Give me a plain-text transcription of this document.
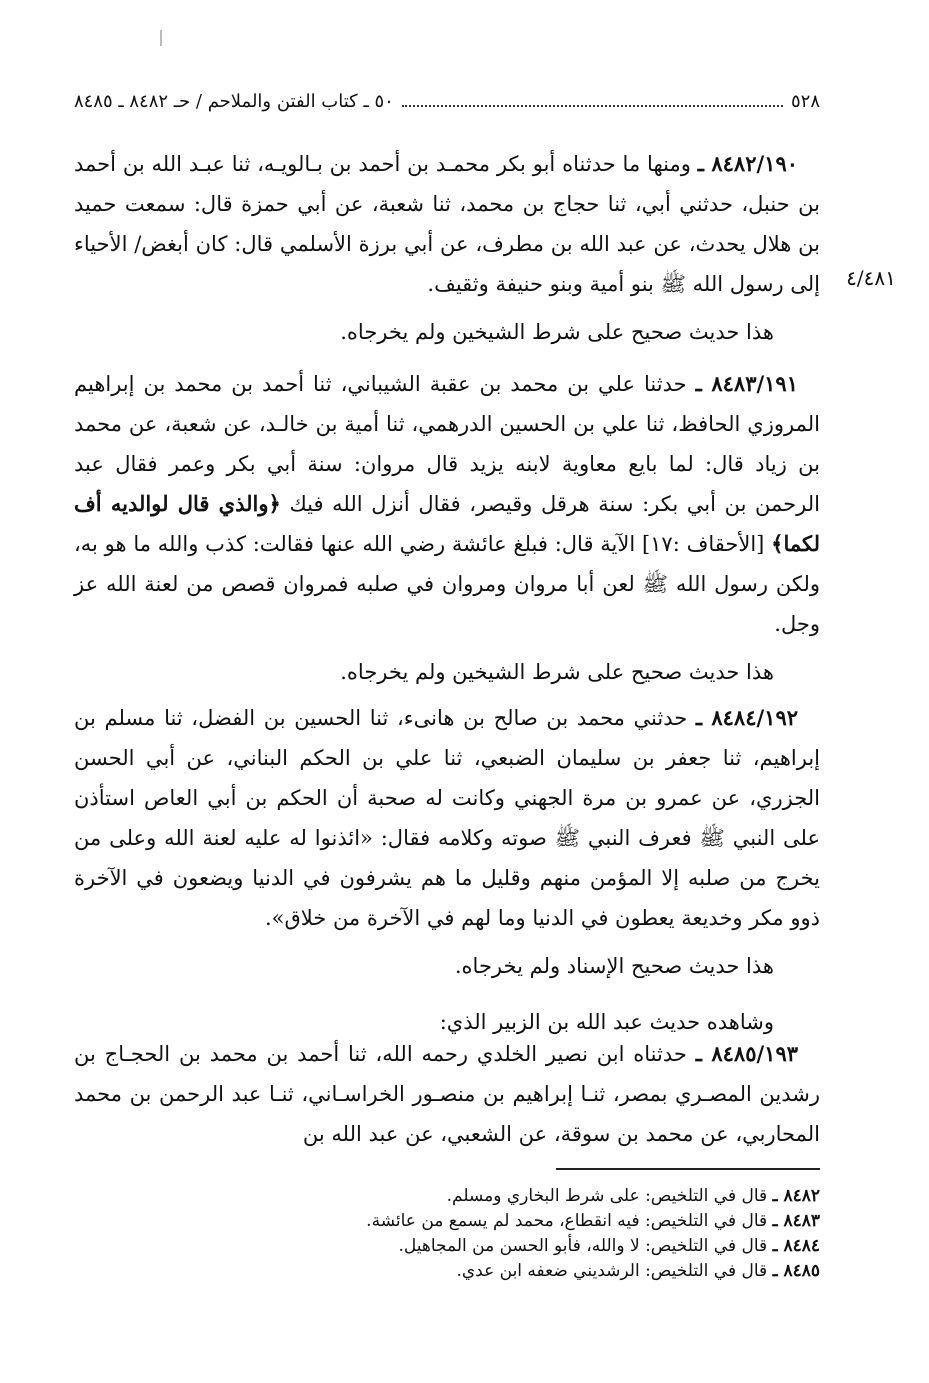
٥٢٨
٥٠ ـ كتاب الفتن والملاحم / حـ ٨٤٨٢ ـ ٨٤٨٥
٤/٤٨١

٨٤٨٢/١٩٠ ـ ومنها ما حدثناه أبو بكر محمـد بن أحمد بن بـالويـه، ثنا عبـد الله بن أحمد بن حنبل، حدثني أبي، ثنا حجاج بن محمد، ثنا شعبة، عن أبي حمزة قال: سمعت حميد بن هلال يحدث، عن عبد الله بن مطرف، عن أبي برزة الأسلمي قال: كان أبغض/ الأحياء إلى رسول الله ﷺ بنو أمية وبنو حنيفة وثقيف.

هذا حديث صحيح على شرط الشيخين ولم يخرجاه.

٨٤٨٣/١٩١ ـ حدثنا علي بن محمد بن عقبة الشيباني، ثنا أحمد بن محمد بن إبراهيم المروزي الحافظ، ثنا علي بن الحسين الدرهمي، ثنا أمية بن خالـد، عن شعبة، عن محمد بن زياد قال: لما بايع معاوية لابنه يزيد قال مروان: سنة أبي بكر وعمر فقال عبد الرحمن بن أبي بكر: سنة هرقل وقيصر، فقال أنزل الله فيك ﴿والذي قال لوالديه أف لكما﴾ [الأحقاف :١٧] الآية قال: فبلغ عائشة رضي الله عنها فقالت: كذب والله ما هو به، ولكن رسول الله ﷺ لعن أبا مروان ومروان في صلبه فمروان قصص من لعنة الله عز وجل.

هذا حديث صحيح على شرط الشيخين ولم يخرجاه.

٨٤٨٤/١٩٢ ـ حدثني محمد بن صالح بن هانىء، ثنا الحسين بن الفضل، ثنا مسلم بن إبراهيم، ثنا جعفر بن سليمان الضبعي، ثنا علي بن الحكم البناني، عن أبي الحسن الجزري، عن عمرو بن مرة الجهني وكانت له صحبة أن الحكم بن أبي العاص استأذن على النبي ﷺ فعرف النبي ﷺ صوته وكلامه فقال: «ائذنوا له عليه لعنة الله وعلى من يخرج من صلبه إلا المؤمن منهم وقليل ما هم يشرفون في الدنيا ويضعون في الآخرة ذوو مكر وخديعة يعطون في الدنيا وما لهم في الآخرة من خلاق».

هذا حديث صحيح الإسناد ولم يخرجاه.

وشاهده حديث عبد الله بن الزبير الذي:

٨٤٨٥/١٩٣ ـ حدثناه ابن نصير الخلدي رحمه الله، ثنا أحمد بن محمد بن الحجـاج بن رشدين المصـري بمصر، ثنـا إبراهيم بن منصـور الخراسـاني، ثنـا عبد الرحمن بن محمد المحاربي، عن محمد بن سوقة، عن الشعبي، عن عبد الله بن

٨٤٨٢ ـ قال في التلخيص: على شرط البخاري ومسلم.

٨٤٨٣ ـ قال في التلخيص: فيه انقطاع، محمد لم يسمع من عائشة.

٨٤٨٤ ـ قال في التلخيص: لا والله، فأبو الحسن من المجاهيل.

٨٤٨٥ ـ قال في التلخيص: الرشديني ضعفه ابن عدي.
